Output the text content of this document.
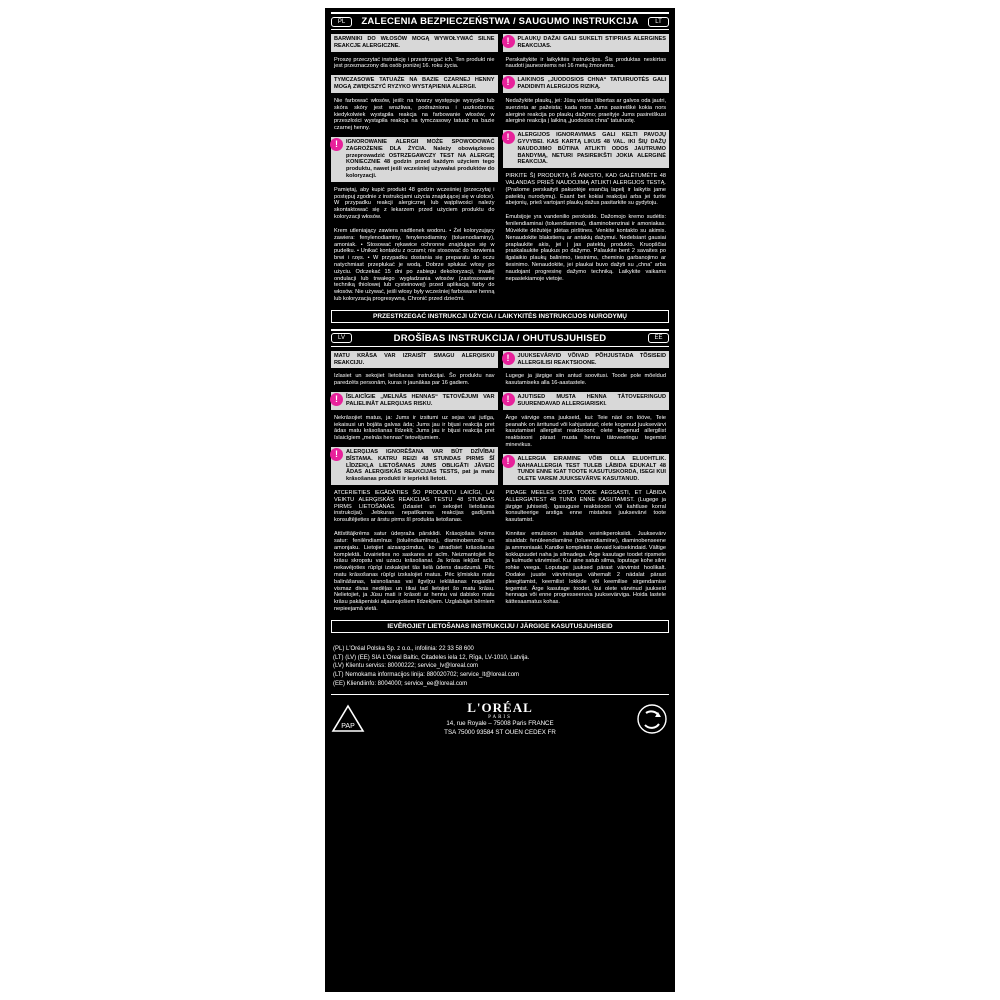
PL	ZALECENIA BEZPIECZEŃSTWA / SAUGUMO INSTRUKCIJA	LT
BARWNIKI DO WŁOSÓW MOGĄ WYWOŁYWAĆ SILNE REAKCJE ALERGICZNE.
Proszę przeczytać instrukcję i przestrzegać ich. Ten produkt nie jest przeznaczony dla osób poniżej 16. roku życia.
TYMCZASOWE TATUAŻE NA BAZIE CZARNEJ HENNY MOGĄ ZWIĘKSZYĆ RYZYKO WYSTĄPIENIA ALERGII.
Nie farbować włosów, jeśli: na twarzy występuje wysypka lub skóra skóry jest wrażliwa, podrażniona i uszkodzona; kiedykolwiek wystąpiła reakcja na farbowanie włosów; w przeszłości wystąpiła reakcja na tymczasowy tatuaż na bazie czarnej henny.
!	IGNOROWANIE ALERGII MOŻE SPOWODOWAĆ ZAGROŻENIE DLA ŻYCIA. Należy obowiązkowo przeprowadzić OSTRZEGAWCZY TEST NA ALERGIĘ KONIECZNIE 48 godzin przed każdym użyciem tego produktu, nawet jeśli wcześniej używałaś produktów do koloryzacji.
Pamiętaj, aby kupić produkt 48 godzin wcześniej (przeczytaj i postępuj zgodnie z instrukcjami użycia znajdującej się w ulotce). W przypadku reakcji alergicznej lub wątpliwości należy skontaktować się z lekarzem przed użyciem produktu do koloryzacji włosów.
Krem utleniający zawiera nadtlenek wodoru. • Żel koloryzujący zawiera: fenylenodiaminy, fenylenodiaminy (toluenodiaminy), amoniak. • Stosować rękawice ochronne znajdujące się w pudełku. • Unikać kontaktu z oczami; nie stosować do barwienia brwi i rzęs. • W przypadku dostania się preparatu do oczu natychmiast przepłukać je wodą. Dobrze spłukać włosy po użyciu. Odczekać 15 dni po zabiegu dekoloryzacji, trwałej ondulacji lub trwałego wygładzania włosów (zastosowanie techniką thiolowej lub cysteinowej) przed aplikacją farby do włosów. Nie używać, jeśli włosy były wcześniej farbowane henną lub koloryzacją progresywną. Chronić przed dziećmi.
!	PLAUKŲ DAŽAI GALI SUKELTI STIPRIAS ALERGINES REAKCIJAS.
Perskaitykite ir laikykitės instrukcijos. Šis produktas neskirtas naudoti jaunesniems nei 16 metų žmonėms.
!	LAIKINOS „JUODOSIOS CHNA“ TATUIRUOTĖS GALI PADIDINTI ALERGIJOS RIZIKĄ.
Nedažykite plaukų, jei: Jūsų veidas išbertas ar galvos oda jautri, suerzinta ar pažeista; kada nors Jums pasireiškė kokia nors alerginė reakcija po plaukų dažymo; praeityje Jums pasireiškusi alerginė reakcija į laikiną „juodosios chna“ tatuiruotę.
!	ALERGIJOS IGNORAVIMAS GALI KELTI PAVOJŲ GYVYBEI. KAS KARTĄ LIKUS 48 VAL. IKI ŠIŲ DAŽŲ NAUDOJIMO BŪTINA ATLIKTI ODOS JAUTRUMO BANDYMĄ, NETURI PASIREIKŠTI JOKIA ALERGINĖ REAKCIJA.
PIRKITE ŠĮ PRODUKTĄ IŠ ANKSTO, KAD GALĖTUMĖTE 48 VALANDAS PRIEŠ NAUDOJIMĄ ATLIKTI ALERGIJOS TESTĄ. (Prašome perskaityti pakuotėje esančią lapelį ir laikytis jame pateiktų nurodymų). Esant bet kokiai reakcijai arba jei turite abejonių, prieš vartojant plaukų dažus pasitarkite su gydytoju.
Emulsijoje yra vandenilio peroksido. Dažomojo kremo sudėtis: fenilendiaminai (toluendiaminai), diaminobenzinai ir amoniakas. Mūvėkite dėžutėje įdėtas pirštines. Venkite kontakto su akimis. Nenaudokite blakstienų ar antakių dažymui. Nedelsiant gausiai praplaukite akis, jei į jas patektų produkto. Kruopščiai praskalaukite plaukus po dažymo. Palaukite bent 2 savaites po ilgalaikio plaukų balinimo, tiesinimo, cheminio garbanojimo ar tiesinimo. Nenaudokite, jei plaukai buvo dažyti su „chna“ arba naudojant progresinę dažymo techniką. Laikykite vaikams nepasiekiamoje vietoje.
PRZESTRZEGAĆ INSTRUKCJI UŻYCIA / LAIKYKITĖS INSTRUKCIJOS NURODYMŲ
LV	DROŠĪBAS INSTRUKCIJA / OHUTUSJUHISED	EE
MATU KRĀSA VAR IZRAISĪT SMAGU ALERĢISKU REAKCIJU.
Izlasiet un sekojiet lietošanas instrukcijai. Šo produktu nav paredzēts personām, kuras ir jaunākas par 16 gadiem.
!	ĪSLAICĪGIE „MELNĀS HENNAS“ TETOVĒJUMI VAR PALIELINĀT ALERĢIJAS RISKU.
Nekrāsojiet matus, ja: Jums ir izsitumi uz sejas vai jutīga, iekaisusi un bojāta galvas āda; Jums jau ir bijusi reakcija pret ādas matu krāsošanas līdzekli; Jums jau ir bijusi reakcija pret īslaicīgiem „melnās hennas“ tetovējumiem.
!	ALERĢIJAS IGNORĒŠANA VAR BŪT DZĪVĪBAI BĪSTAMA. KATRU REIZI 48 STUNDAS PIRMS ŠĪ LĪDZEKĻA LIETOŠANAS JUMS OBLIGĀTI JĀVEIC ĀDAS ALERĢISKĀS REAKCIJAS TESTS, pat ja matu krāsošanas produkti ir iepriekš lietoti.
ATCERIETIES IEGĀDĀTIES ŠO PRODUKTU LAICĪGI, LAI VEIKTU ALERĢISKĀS REAKCIJAS TESTU 48 STUNDAS PIRMS LIETOŠANAS. (Izlasiet un sekojiet lietošanas instrukcijai). Jebkuras nepatīkamas reakcijas gadījumā konsultējieties ar ārstu pirms šī produkta lietošanas.
Attīstītājkrēms satur ūdeņraža pārsklidi. Krāsojošais krēms satur: fenilēndiamīnus (toluēndiamīnus), diaminobenzolu un amonjaku. Lietojiet aizsargcimdus, ko atradīsiet krāsošanas komplektā. Izvairieties no saskares ar acīm. Neizmantojiet šo krāsu skropstu vai uzacu krāsošanai. Ja krāsa iekļūst acīs, nekavējoties rūpīgi izskalojiet tās lielā ūdens daudzumā. Pēc matu krāsošanas rūpīgi izskalojiet matus. Pēc ķīmiskās matu balināšanas, taisnošanas vai ilgviļņu ieklāšanas nogaidiet vismaz divas nedēļas un tikai tad lietojiet šo matu krāsu. Nelietojiet, ja Jūsu mati ir krāsoti ar hennu vai dabisko matu krāsu pakāpeniski atjaunojošiem līdzekļiem. Uzglabājiet bērniem nepieejamā vietā.
!	JUUKSEVÄRVID VÕIVAD PÕHJUSTADA TÕSISEID ALLERGILISI REAKTSIOONE.
Lugege ja järgige siin antud soovitusi. Toode pole mõeldud kasutamiseks alla 16-aastastele.
!	AJUTISED MUSTA HENNA TÄTOVEERINGUD SUURENDAVAD ALLERGIARISKI.
Ärge värvige oma juukseid, kui: Teie näol on lööve, Teie peanahk on ärritunud või kahjustatud; olete kogenud juuksevärvi kasutamisel allergilist reaktsiooni; olete kogenud allergilist reaktsiooni pärast musta henna tätoveeringu tegemist minevikus.
!	ALLERGIA EIRAMINE VÕIB OLLA ELUOHTLIK. NAHAALLERGIA TEST TULEB LÄBIDA EDUKALT 48 TUNDI ENNE IGAT TOOTE KASUTUSKORDA, ISEGI KUI OLETE VAREM JUUKSEVÄRVE KASUTANUD.
PIDAGE MEELES OSTA TOODE AEGSASTI, ET LÄBIDA ALLERGIATEST 48 TUNDI ENNE KASUTAMIST. (Lugege ja järgige juhiseid). Igasuguse reaktsiooni või kahtluse korral konsulteerige arstiga enne mistahes juuksevärvi toote kasutamist.
Kinnitav emulsioon sisaldab vesinikperoksiidi. Juuksevärv sisaldab: fenüleendiamiine (tolueendiamiine), diaminobenseene ja ammoniaaki. Kandke komplektis olevaid kaitsekindaid. Vältige kokkupuudet naha ja silmadega. Ärge kasutage toodet ripsmete ja kulmude värvimisel. Kui aine satub silma, loputage kohe silmi rohke veega. Loputage juuksed pärast värvimist hoolikalt. Oodake juuste värvimisega vähemalt 2 nädalat pärast pleegitamist, keemilist lokkide või keemilise sirgendamise tegemist. Ärge kasutage toodet, kui olete värvinud juukseid hennaga või enne progresseeruva juuksevärviga. Hoida lastele kättesaamatus kohas.
IEVĒROJIET LIETOŠANAS INSTRUKCIJU / JÄRGIGE KASUTUSJUHISEID
(PL) L'Oréal Polska Sp. z o.o., infolinia: 22 33 58 600
(LT) (LV) (EE) SIA L'Oreal Baltic, Citadeles iela 12, Rīga, LV-1010, Latvija.
(LV) Klientu serviss: 80000222; service_lv@loreal.com
(LT) Nemokama informacijos linija: 880020702; service_lt@loreal.com
(EE) Kliendiinfo: 8004000; service_ee@loreal.com
PAP
L'ORÉAL
PARIS
14, rue Royale – 75008 Paris FRANCE
TSA 75000 93584 ST OUEN CEDEX FR
